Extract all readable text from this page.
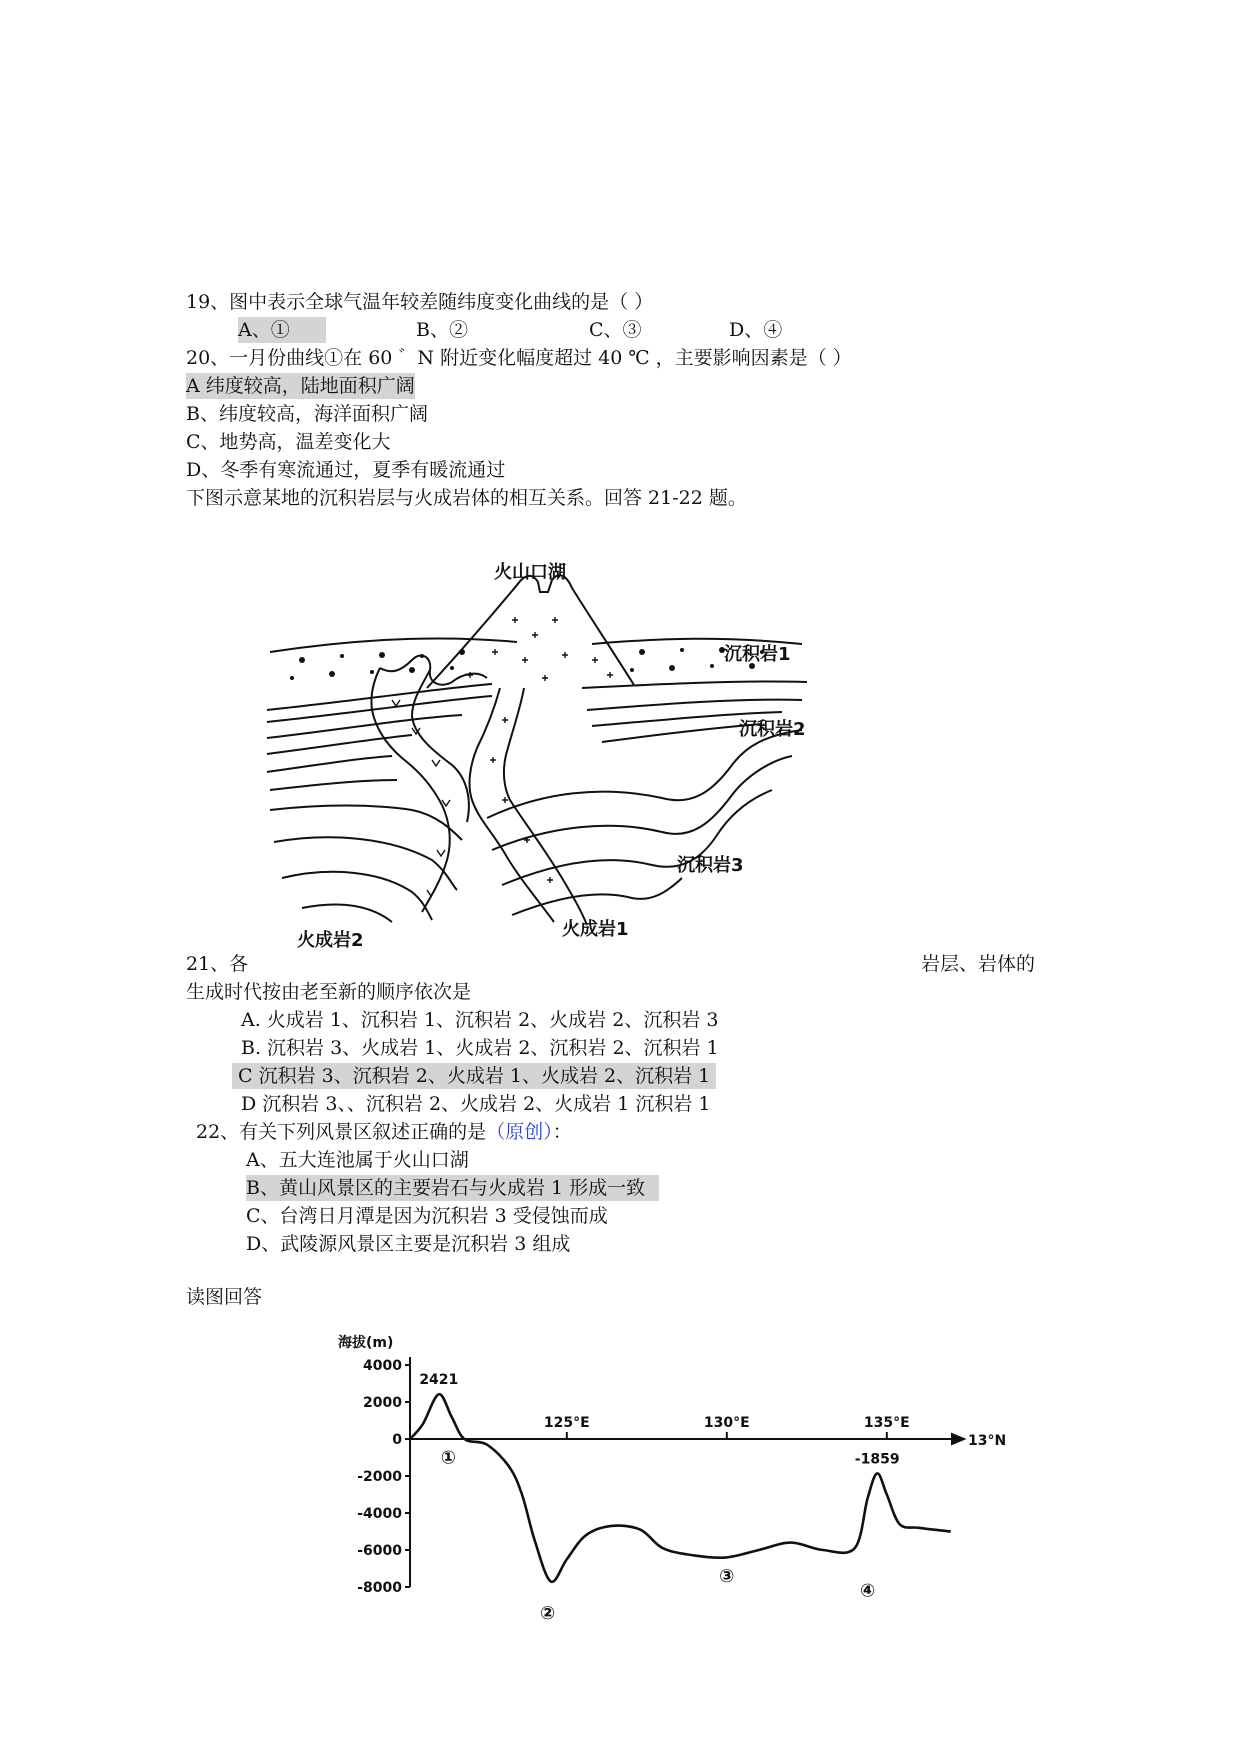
19、图中表示全球气温年较差随纬度变化曲线的是（ ）
A、①	B、②	C、③	D、④
20、一月份曲线①在 60 ゛N 附近变化幅度超过 40 ℃ ，主要影响因素是（ ）
A 纬度较高，陆地面积广阔
B、纬度较高，海洋面积广阔
C、地势高，温差变化大
D、冬季有寒流通过，夏季有暖流通过
下图示意某地的沉积岩层与火成岩体的相互关系。回答 21-22 题。
火山口湖
沉积岩1
沉积岩2
沉积岩3
火成岩1
火成岩2
21、各	岩层、岩体的
生成时代按由老至新的顺序依次是
A. 火成岩 1、沉积岩 1、沉积岩 2、火成岩 2、沉积岩 3
B. 沉积岩 3、火成岩 1、火成岩 2、沉积岩 2、沉积岩 1
C 沉积岩 3、沉积岩 2、火成岩 1、火成岩 2、沉积岩 1
D 沉积岩 3、、沉积岩 2、火成岩 2、火成岩 1 沉积岩 1
22、有关下列风景区叙述正确的是（原创）：
A、五大连池属于火山口湖
B、黄山风景区的主要岩石与火成岩 1 形成一致
C、台湾日月潭是因为沉积岩 3 受侵蚀而成
D、武陵源风景区主要是沉积岩 3 组成
读图回答
4000
2000
0
-2000
-4000
-6000
-8000
125°E	130°E	135°E
海拔(m)
13°N
2421
-1859
①
②
③
④
